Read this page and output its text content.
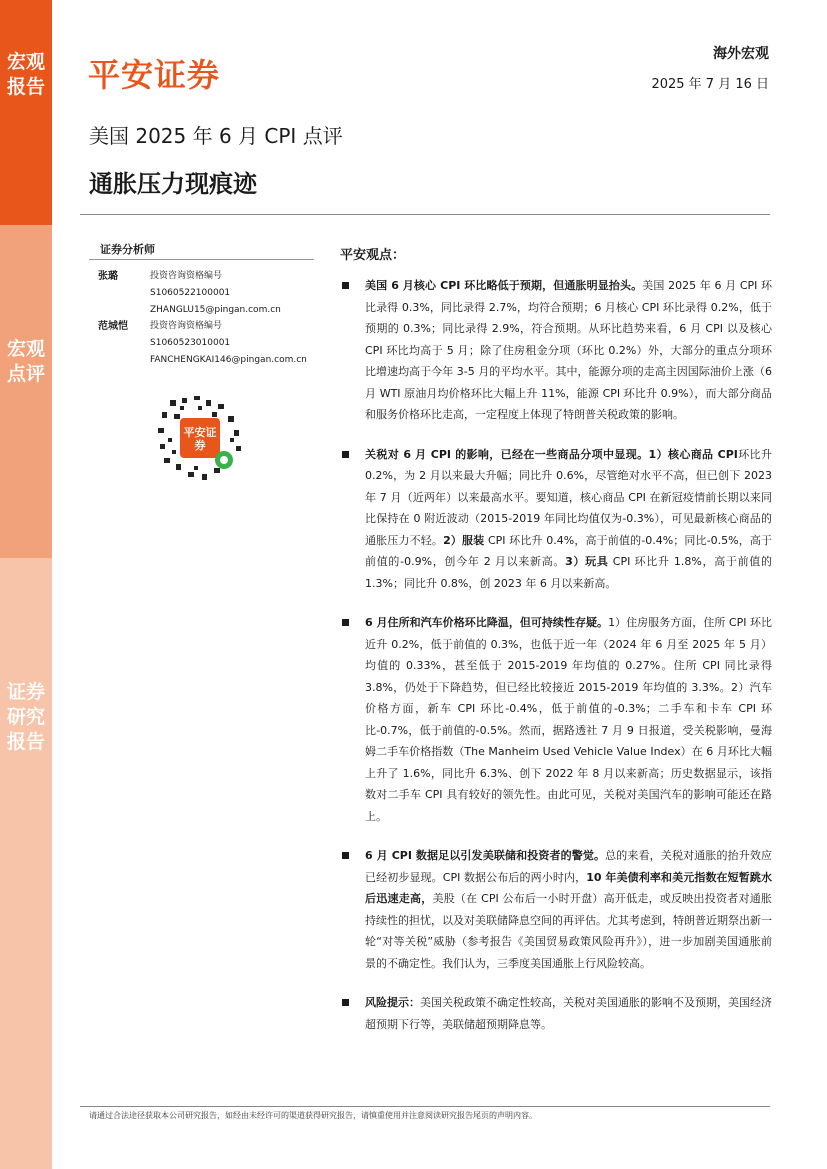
宏观报告
宏观点评
证券研究报告
平安证券
海外宏观
2025 年 7 月 16 日
美国 2025 年 6 月 CPI 点评
通胀压力现痕迹
证券分析师
张璐	投资咨询资格编号
S1060522100001
ZHANGLU15@pingan.com.cn
范城恺 投资咨询资格编号
S1060523010001
FANCHENGKAI146@pingan.com.cn
平安证券
平安观点：
美国 6 月核心 CPI 环比略低于预期，但通胀明显抬头。美国 2025 年 6 月 CPI 环比录得 0.3%，同比录得 2.7%，均符合预期；6 月核心 CPI 环比录得 0.2%，低于预期的 0.3%；同比录得 2.9%，符合预期。从环比趋势来看，6 月 CPI 以及核心 CPI 环比均高于 5 月；除了住房租金分项（环比 0.2%）外，大部分的重点分项环比增速均高于今年 3-5 月的平均水平。其中，能源分项的走高主因国际油价上涨（6 月 WTI 原油月均价格环比大幅上升 11%，能源 CPI 环比升 0.9%），而大部分商品和服务价格环比走高，一定程度上体现了特朗普关税政策的影响。
关税对 6 月 CPI 的影响，已经在一些商品分项中显现。1）核心商品 CPI环比升 0.2%，为 2 月以来最大升幅；同比升 0.6%，尽管绝对水平不高，但已创下 2023 年 7 月（近两年）以来最高水平。要知道，核心商品 CPI 在新冠疫情前长期以来同比保持在 0 附近波动（2015-2019 年同比均值仅为-0.3%），可见最新核心商品的通胀压力不轻。2）服装 CPI 环比升 0.4%，高于前值的-0.4%；同比-0.5%，高于前值的-0.9%，创今年 2 月以来新高。3）玩具 CPI 环比升 1.8%，高于前值的 1.3%；同比升 0.8%，创 2023 年 6 月以来新高。
6 月住所和汽车价格环比降温，但可持续性存疑。1）住房服务方面，住所 CPI 环比近升 0.2%，低于前值的 0.3%，也低于近一年（2024 年 6 月至 2025 年 5 月）均值的 0.33%，甚至低于 2015-2019 年均值的 0.27%。住所 CPI 同比录得 3.8%，仍处于下降趋势，但已经比较接近 2015-2019 年均值的 3.3%。2）汽车价格方面，新车 CPI 环比-0.4%，低于前值的-0.3%；二手车和卡车 CPI 环比-0.7%，低于前值的-0.5%。然而，据路透社 7 月 9 日报道，受关税影响，曼海姆二手车价格指数（The Manheim Used Vehicle Value Index）在 6 月环比大幅上升了 1.6%，同比升 6.3%、创下 2022 年 8 月以来新高；历史数据显示，该指数对二手车 CPI 具有较好的领先性。由此可见，关税对美国汽车的影响可能还在路上。
6 月 CPI 数据足以引发美联储和投资者的警觉。总的来看，关税对通胀的抬升效应已经初步显现。CPI 数据公布后的两小时内，10 年美债利率和美元指数在短暂跳水后迅速走高，美股（在 CPI 公布后一小时开盘）高开低走，或反映出投资者对通胀持续性的担忧，以及对美联储降息空间的再评估。尤其考虑到，特朗普近期祭出新一轮“对等关税”威胁（参考报告《美国贸易政策风险再升》），进一步加剧美国通胀前景的不确定性。我们认为，三季度美国通胀上行风险较高。
风险提示：美国关税政策不确定性较高，关税对美国通胀的影响不及预期，美国经济超预期下行等，美联储超预期降息等。
请通过合法途径获取本公司研究报告，如经由未经许可的渠道获得研究报告，请慎重使用并注意阅读研究报告尾页的声明内容。
